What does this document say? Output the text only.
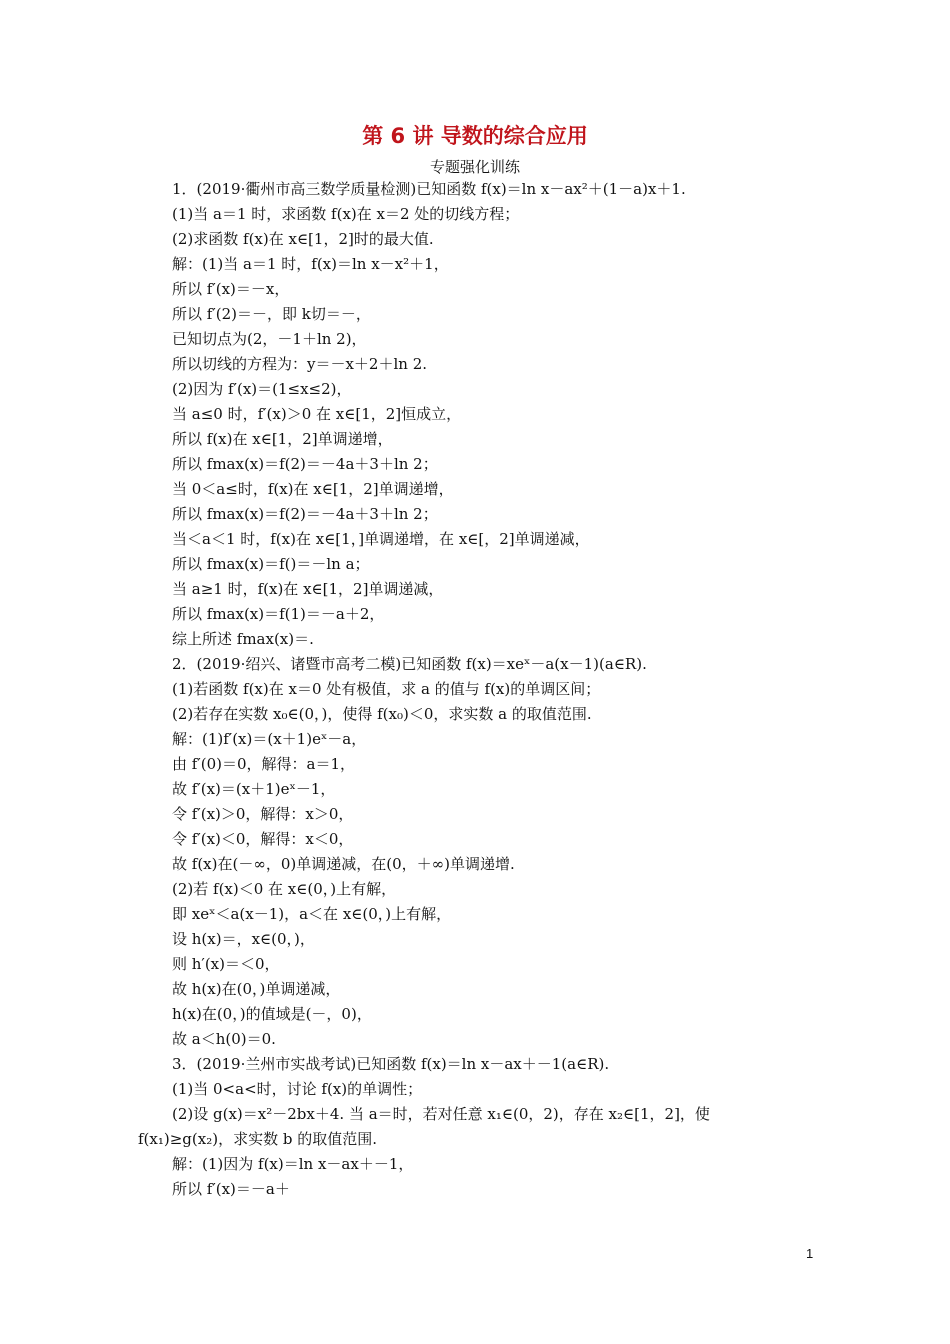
第 6 讲 导数的综合应用
专题强化训练
1．(2019·衢州市高三数学质量检测)已知函数 f(x)＝ln x－ax²＋(1－a)x＋1.
(1)当 a＝1 时，求函数 f(x)在 x＝2 处的切线方程；
(2)求函数 f(x)在 x∈[1，2]时的最大值.
解：(1)当 a＝1 时，f(x)＝ln x－x²＋1，
所以 f′(x)＝－x，
所以 f′(2)＝－，即 k切＝－，
已知切点为(2，－1＋ln 2)，
所以切线的方程为：y＝－x＋2＋ln 2.
(2)因为 f′(x)＝(1≤x≤2)，
当 a≤0 时，f′(x)＞0 在 x∈[1，2]恒成立，
所以 f(x)在 x∈[1，2]单调递增，
所以 fmax(x)＝f(2)＝－4a＋3＋ln 2；
当 0＜a≤时，f(x)在 x∈[1，2]单调递增，
所以 fmax(x)＝f(2)＝－4a＋3＋ln 2；
当＜a＜1 时，f(x)在 x∈[1，]单调递增，在 x∈[，2]单调递减，
所以 fmax(x)＝f()＝－ln a；
当 a≥1 时，f(x)在 x∈[1，2]单调递减，
所以 fmax(x)＝f(1)＝－a＋2，
综上所述 fmax(x)＝.
2．(2019·绍兴、诸暨市高考二模)已知函数 f(x)＝xeˣ－a(x－1)(a∈R).
(1)若函数 f(x)在 x＝0 处有极值，求 a 的值与 f(x)的单调区间；
(2)若存在实数 x₀∈(0，)，使得 f(x₀)＜0，求实数 a 的取值范围.
解：(1)f′(x)＝(x＋1)eˣ－a，
由 f′(0)＝0，解得：a＝1，
故 f′(x)＝(x＋1)eˣ－1，
令 f′(x)＞0，解得：x＞0，
令 f′(x)＜0，解得：x＜0，
故 f(x)在(－∞，0)单调递减，在(0，＋∞)单调递增.
(2)若 f(x)＜0 在 x∈(0，)上有解，
即 xeˣ＜a(x－1)，a＜在 x∈(0，)上有解，
设 h(x)＝，x∈(0，)，
则 h′(x)＝＜0，
故 h(x)在(0，)单调递减，
h(x)在(0，)的值域是(－，0)，
故 a＜h(0)＝0.
3．(2019·兰州市实战考试)已知函数 f(x)＝ln x－ax＋－1(a∈R).
(1)当 0<a<时，讨论 f(x)的单调性；
(2)设 g(x)＝x²－2bx＋4. 当 a＝时，若对任意 x₁∈(0，2)，存在 x₂∈[1，2]，使
f(x₁)≥g(x₂)，求实数 b 的取值范围.
解：(1)因为 f(x)＝ln x－ax＋－1，
所以 f′(x)＝－a＋
1
